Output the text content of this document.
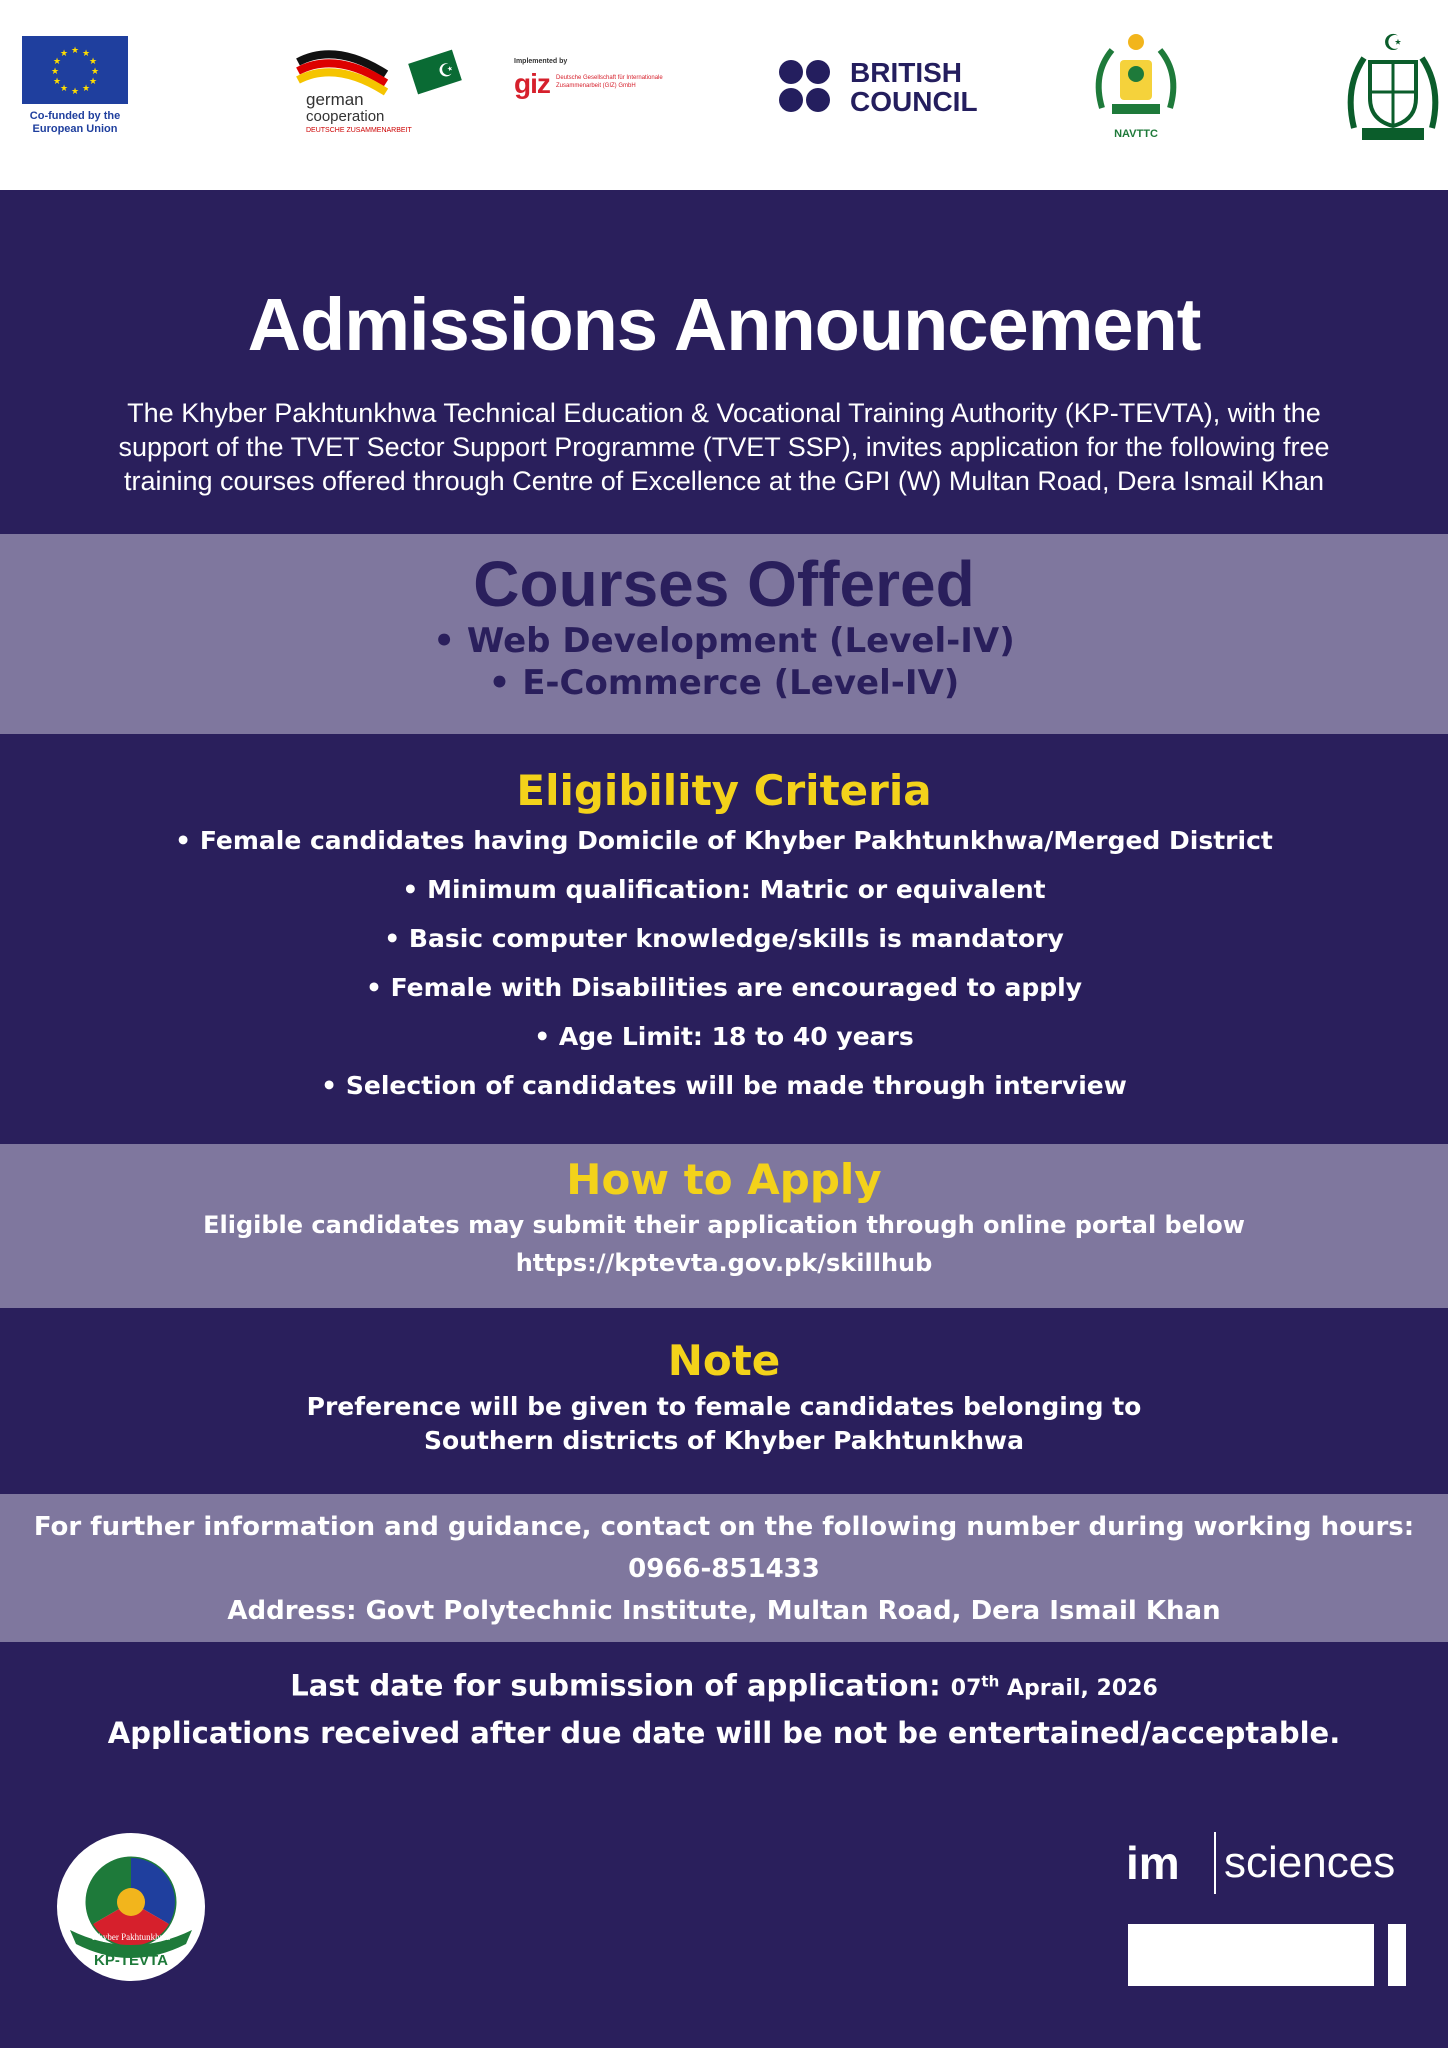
★ ★
★
★
★
★
★
★
★
★
★
★
Co-funded by the European Union
☪
german
cooperation
DEUTSCHE ZUSAMMENARBEIT
Implemented by
giz Deutsche Gesellschaft für Internationale Zusammenarbeit (GIZ) GmbH	BRITISH
COUNCIL
NAVTTC
☪
Admissions Announcement
The Khyber Pakhtunkhwa Technical Education & Vocational Training Authority (KP-TEVTA), with the
support of the TVET Sector Support Programme (TVET SSP), invites application for the following free
training courses offered through Centre of Excellence at the GPI (W) Multan Road, Dera Ismail Khan
Courses Offered
• Web Development (Level-IV)
• E-Commerce (Level-IV)
Eligibility Criteria
• Female candidates having Domicile of Khyber Pakhtunkhwa/Merged District
• Minimum qualification: Matric or equivalent
• Basic computer knowledge/skills is mandatory
• Female with Disabilities are encouraged to apply
• Age Limit: 18 to 40 years
• Selection of candidates will be made through interview
How to Apply
Eligible candidates may submit their application through online portal below
https://kptevta.gov.pk/skillhub
Note
Preference will be given to female candidates belonging to
Southern districts of Khyber Pakhtunkhwa
For further information and guidance, contact on the following number during working hours:
0966-851433
Address: Govt Polytechnic Institute, Multan Road, Dera Ismail Khan
Last date for submission of application: 07th Aprail, 2026
Applications received after due date will be not be entertained/acceptable.
KP-TEVTA
Khyber Pakhtunkhwa
im sciences
